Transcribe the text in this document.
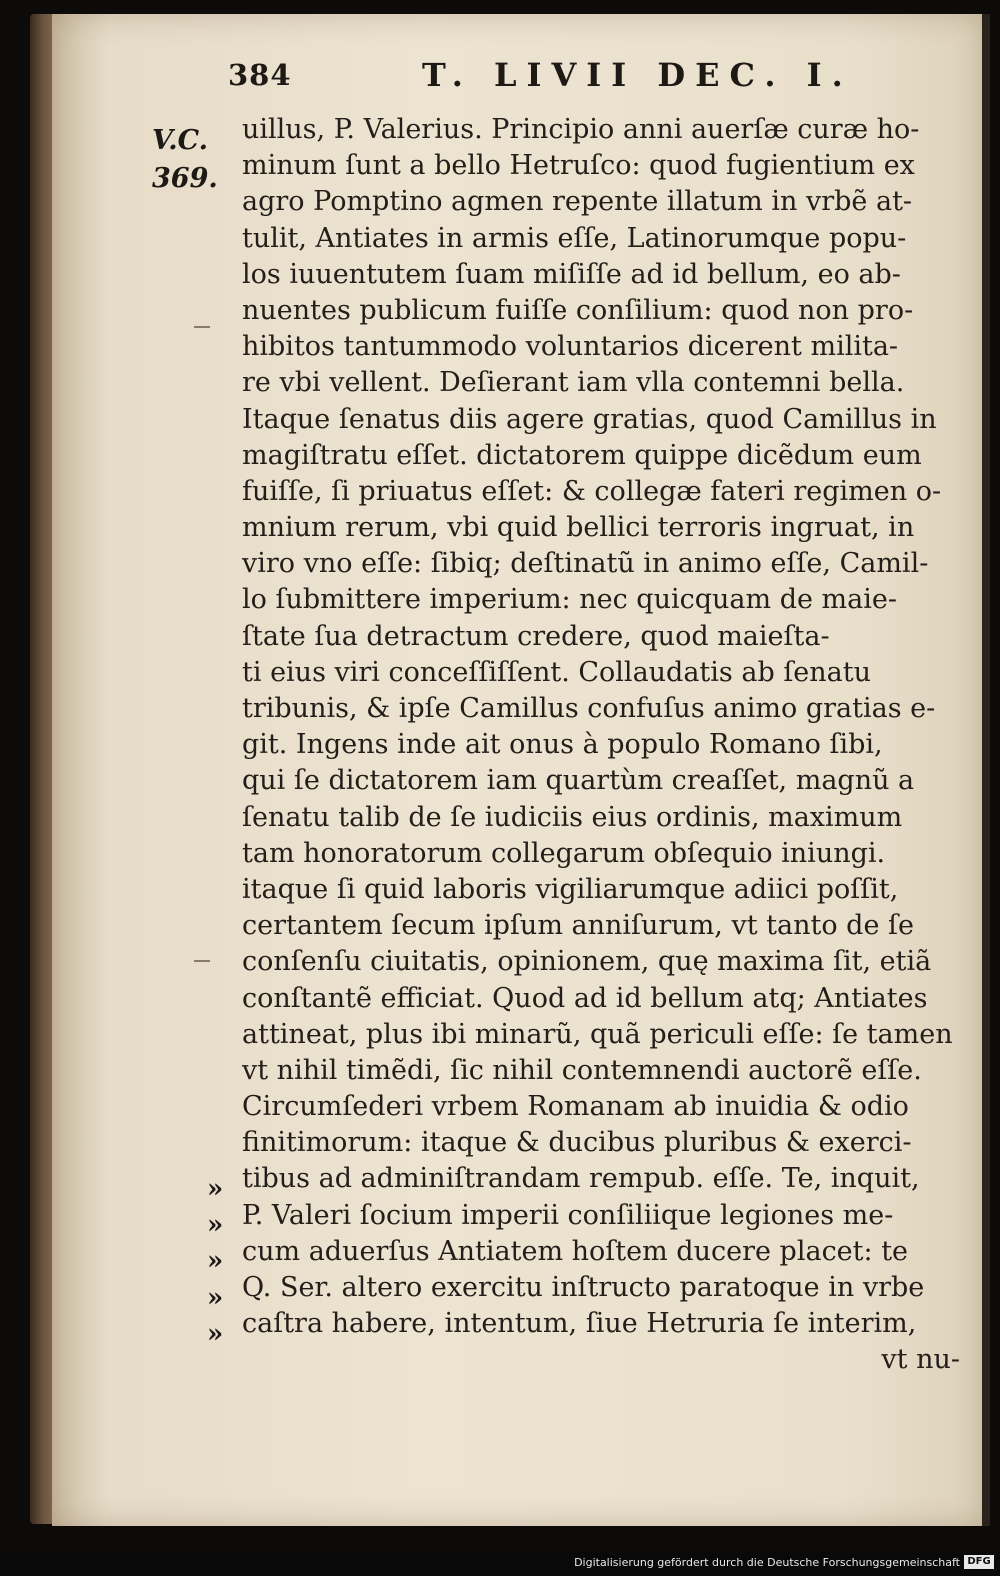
384	T. LIVII DEC. I.
V.C.
369.
uillus, P. Valerius. Principio anni auerſæ curæ ho-
minum ſunt a bello Hetruſco: quod fugientium ex
agro Pomptino agmen repente illatum in vrbẽ at-
tulit, Antiates in armis eſſe, Latinorumque popu-
los iuuentutem ſuam miſiſſe ad id bellum, eo ab-
nuentes publicum fuiſſe conſilium: quod non pro-
hibitos tantummodo voluntarios dicerent milita-
re vbi vellent. Deſierant iam vlla contemni bella.
Itaque ſenatus diis agere gratias, quod Camillus in
magiſtratu eſſet. dictatorem quippe dicẽdum eum
fuiſſe, ſi priuatus eſſet: & collegæ fateri regimen o-
mnium rerum, vbi quid bellici terroris ingruat, in
viro vno eſſe: ſibiq; deſtinatũ in animo eſſe, Camil-
lo ſubmittere imperium: nec quicquam de maie-
ſtate ſua detractum credere, quod maieſta-
ti eius viri conceſſiſſent. Collaudatis ab ſenatu
tribunis, & ipſe Camillus confuſus animo gratias e-
git. Ingens inde ait onus à populo Romano ſibi,
qui ſe dictatorem iam quartùm creaſſet, magnũ a
ſenatu talib de ſe iudiciis eius ordinis, maximum
tam honoratorum collegarum obſequio iniungi.
itaque ſi quid laboris vigiliarumque adiici poſſit,
certantem ſecum ipſum anniſurum, vt tanto de ſe
conſenſu ciuitatis, opinionem, quę maxima ſit, etiã
conſtantẽ efficiat. Quod ad id bellum atq; Antiates
attineat, plus ibi minarũ, quã periculi eſſe: ſe tamen
vt nihil timẽdi, ſic nihil contemnendi auctorẽ eſſe.
Circumſederi vrbem Romanam ab inuidia & odio
finitimorum: itaque & ducibus pluribus & exerci-
tibus ad adminiſtrandam rempub. eſſe. Te, inquit,
P. Valeri ſocium imperii conſiliique legiones me-
cum aduerſus Antiatem hoſtem ducere placet: te
Q. Ser. altero exercitu inſtructo paratoque in vrbe
caſtra habere, intentum, ſiue Hetruria ſe interim,
vt nu-
»
»
»
»
»
Digitalisierung gefördert durch die Deutsche Forschungsgemeinschaft DFG
